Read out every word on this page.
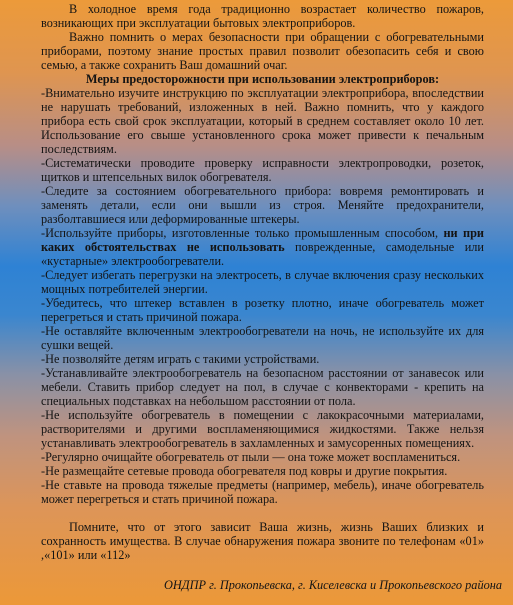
В холодное время года традиционно возрастает количество пожаров, возникающих при эксплуатации бытовых электроприборов.

Важно помнить о мерах безопасности при обращении с обогревательными приборами, поэтому знание простых правил позволит обезопасить себя и свою семью, а также сохранить Ваш домашний очаг.

Меры предосторожности при использовании электроприборов:

-Внимательно изучите инструкцию по эксплуатации электроприбора, впоследствии не нарушать требований, изложенных в ней. Важно помнить, что у каждого прибора есть свой срок эксплуатации, который в среднем составляет около 10 лет. Использование его свыше установленного срока может привести к печальным последствиям.

-Систематически проводите проверку исправности электропроводки, розеток, щитков и штепсельных вилок обогревателя.

-Следите за состоянием обогревательного прибора: вовремя ремонтировать и заменять детали, если они вышли из строя. Меняйте предохранители, разболтавшиеся или деформированные штекеры.

-Используйте приборы, изготовленные только промышленным способом, ни при каких обстоятельствах не использовать поврежденные, самодельные или «кустарные» электрообогреватели.

-Следует избегать перегрузки на электросеть, в случае включения сразу нескольких мощных потребителей энергии.

-Убедитесь, что штекер вставлен в розетку плотно, иначе обогреватель может перегреться и стать причиной пожара.

-Не оставляйте включенным электрообогреватели на ночь, не используйте их для сушки вещей.

-Не позволяйте детям играть с такими устройствами.

-Устанавливайте электрообогреватель на безопасном расстоянии от занавесок или мебели. Ставить прибор следует на пол, в случае с конвекторами - крепить на специальных подставках на небольшом расстоянии от пола.

-Не используйте обогреватель в помещении с лакокрасочными материалами, растворителями и другими воспламеняющимися жидкостями. Также нельзя устанавливать электрообогреватель в захламленных и замусоренных помещениях.

-Регулярно очищайте обогреватель от пыли — она тоже может воспламениться.

-Не размещайте сетевые провода обогревателя под ковры и другие покрытия.

-Не ставьте на провода тяжелые предметы (например, мебель), иначе обогреватель может перегреться и стать причиной пожара.

Помните, что от этого зависит Ваша жизнь, жизнь Ваших близких и сохранность имущества. В случае обнаружения пожара звоните по телефонам «01» ,«101» или «112»

ОНДПР г. Прокопьевска, г. Киселевска и Прокопьевского района
